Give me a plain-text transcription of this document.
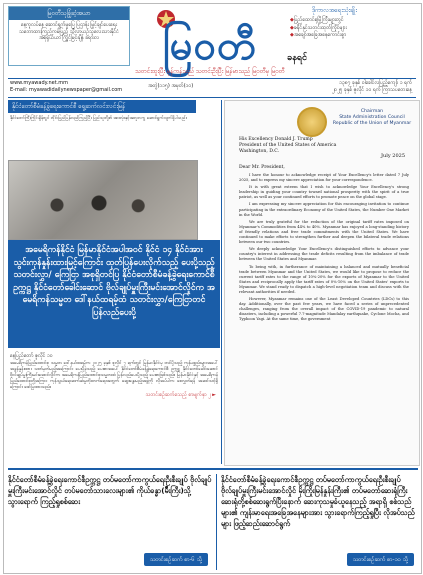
မြဝတီသုခြံ့ဆံ့အယာ
နေ့ကူလပ်နေ ဆောင်ရွက်မှုပြေ ပြဌာန်း မြှင့်ချင်ပေးရေး သဘောထားကြည့်ကမ်ပြည် သီလာယဉ်သူလေးသားနိုင်ငံ အစုရှယ်ယာ ကြွှင့်မြင့်ချိန် ခရားလ	မြဝတီ	ခနရင်
သတင်းထူးပြီး မှန်ကန်သည် သတင်းဦးပြီး မြန်မာသည် မြဝတီမှ မြဝတီ
ဒိုကာလအရေးသုံးချိုး
◆ ပြည်ထောင်စုမြို့ကြီးများတွင်
◆ ခရိုင်နှင့်သတင်းထုတ်ကြိုင်များ
◆ အချော်အခြေအနေကောင်းစွာ
www.myawady.net.mm
E-mail: myawadidailynewspaper@gmail.com
အတွဲ(၁၁၅) အမှတ်(၁၀)	၁၃၈၇ ခုနှစ် ဝါခေါင်လပြည့်ကျော် ၁ ရက်
၂၀၂၅ ခုနှစ် ဇူလိုင် ၁၀ ရက် ကြာသပတေးနေ့
နိုင်ငံတော်စီမံခန့်ခွဲရေးကောင်စီ ရှေ့ဆက်လင်းလင်းမြန်
နိုင်ငံတော်ကြီးကြိုင်ချိန်တွင် တိုင်းပြည်ပြန်လည်ကြည့်ပြီး ပြည်သူတို့၏ အားလုံးနှင့်အတူတကွ ဆောင်ရွက်လျက်ရှိပါသည်။
အမေရိကန်နိုင်ငံ မြန်မာနိုင်ငံအပါအဝင် နိုင်ငံ ၁၄ နိုင်ငံအား သွင်းကုန်နှုန်းထားမြင့်ကြောင်း ထုတ်ပြန်ပေးလိုက်သည့် ပေးပို့သည့် သတင်းလွှာ/ ကြေငြာ အစုရှိတင်ပြ နိုင်ငံတော်စီမံခန့်ခွဲရေးကောင်စီဥက္ကဋ္ဌ နိုင်ငံတော်ခေါင်းဆောင် ဗိုလ်ချုပ်မှူးကြီးမင်းအောင်လှိုင်က အမေရိကန်သမ္မတ ဒေါ်နယ်ထရမ့်ထံ သတင်းလွှာ/ကြေငြာတင်ပြန်လည်ပေးပို့
နေပြည်တော် ဇူလိုင် ၁၀
အမေရိကန်ပြည်ထောင်စု သမ္မတ ဒေါ်နယ်ထရမ့်က ၂၀၂၅ ခုနှစ် ဇူလိုင် ၇ ရက်တွင် မြန်မာနိုင်ငံမှ တင်ပို့သည့် ကုန်ပစ္စည်းများအပေါ် အခွန်နှုန်းထား သတ်မှတ်မည့်အကြောင်း ပေးပို့ခဲ့သည့် ပေးစာအပေါ် နိုင်ငံတော်စီမံခန့်ခွဲရေးကောင်စီ ဥက္ကဋ္ဌ နိုင်ငံတော်ခေါင်းဆောင် ဗိုလ်ချုပ်မှူးကြီးမင်းအောင်လှိုင်က အမေရိကန်ပြည်ထောင်စုသမ္မတထံ ပြန်လည်ပေးပို့သည့် ပေးစာဖြစ်သည်။ မြန်မာနိုင်ငံနှင့် အမေရိကန်ပြည်ထောင်စုတို့အကြား ကုန်သွယ်ရေးဆက်ဆံမှုတိုးတက်ရေးအတွက် ဆွေးနွေးမည့်အဖွဲ့ကို လိုအပ်ပါက စေလွှတ်ရန် အဆင်သင့်ရှိကြောင်း ဖော်ပြထားသည်။
သတင်းစဉ်ဆက်သေည့် စာမျက်နှာ ၂ ►
Chairman
State Administration Council
Republic of the Union of Myanmar
His Excellency Donald J. Trump
President of the United States of America
Washington, D.C.
July 2025
Dear Mr. President,

I have the honour to acknowledge receipt of Your Excellency's letter dated 7 July 2025, and to express my sincere appreciation for your correspondence.

It is with great esteem that I wish to acknowledge Your Excellency's strong leadership in guiding your country toward national prosperity with the spirit of a true patriot, as well as your continued efforts to promote peace on the global stage.

I am expressing my sincere appreciation for this encouraging invitation to continue participating in the extraordinary Economy of the United States, the Number One Market in the World.

We are truly grateful for the reduction of the original tariff rates imposed on Myanmar's Commodities from 44% to 40%. Myanmar has enjoyed a long-standing history of friendly relations and free trade commitments with the United States. We have continued to make efforts to strengthen further and deepen the bilateral trade relations between our two countries.

We deeply acknowledge Your Excellency's distinguished efforts to advance your country's interest in addressing the trade deficits resulting from the imbalance of trade between the United States and Myanmar.

To being with, in furtherance of maintaining a balanced and mutually beneficial trade between Myanmar and the United States, we would like to propose to reduce the current tariff rates to the range of 10%-20% for the exports of Myanmar to the United States and reciprocally apply the tariff rates of 0%-10% on the United States' exports to Myanmar. We stand ready to dispatch a high-level negotiation team and discuss with the relevant authorities if needed.

However, Myanmar remains one of the Least Developed Countries (LDCs) to this day. Additionally, over the past few years, we have faced a series of unprecedented challenges, ranging from the overall impact of the COVID-19 pandemic to natural disasters, including a powerful 7.7-magnitude Mandalay earthquake, Cyclone Mocha, and Typhoon Yagi. At the same time, the government

နိုင်ငံတော်စီမံခန့်ခွဲရေးကောင်စီဥက္ကဋ္ဌ တပ်မတော်ကာကွယ်ရေးဦးစီးချုပ် ဗိုလ်ချုပ်မှူးကြီးမင်းအောင်လှိုင် တပ်မတော်သားလေးများ၏ ကိုယ်ခန္ဓာ(မ်ိဳးကြီး)သို့ သွားရောက် ကြည့်ရှုစစ်ဆေး
သတင်းစဉ်ဆက် စာ-၆ သို့
နိုင်ငံတော်စီမံခန့်ခွဲရေးကောင်စီဥက္ကဋ္ဌ တပ်မတော်ကာကွယ်ရေးဦးစီးချုပ် ဗိုလ်ချုပ်မှူးကြီးမင်းအောင်လှိုင် မိုးကြိုးမြန်နှုန်းကြီး၏ တပ်မတော်ဆေးရုံကြီး ဆေးရုံတို့စစ်ဆေးရွက်ပြီးနောက် ဆေးကုသမှုခံယူနေသည့် အရာရှိ စစ်သည်များ၏ ကျန်းမာရေးအခြေအနေများအား သွားရောက်ကြည့်ရှုပြီး လိုအပ်သည်များ ဖြည့်ဆည်းဆောင်ရွက်
သတင်းစဉ်ဆက် စာ-၁၀ သို့
